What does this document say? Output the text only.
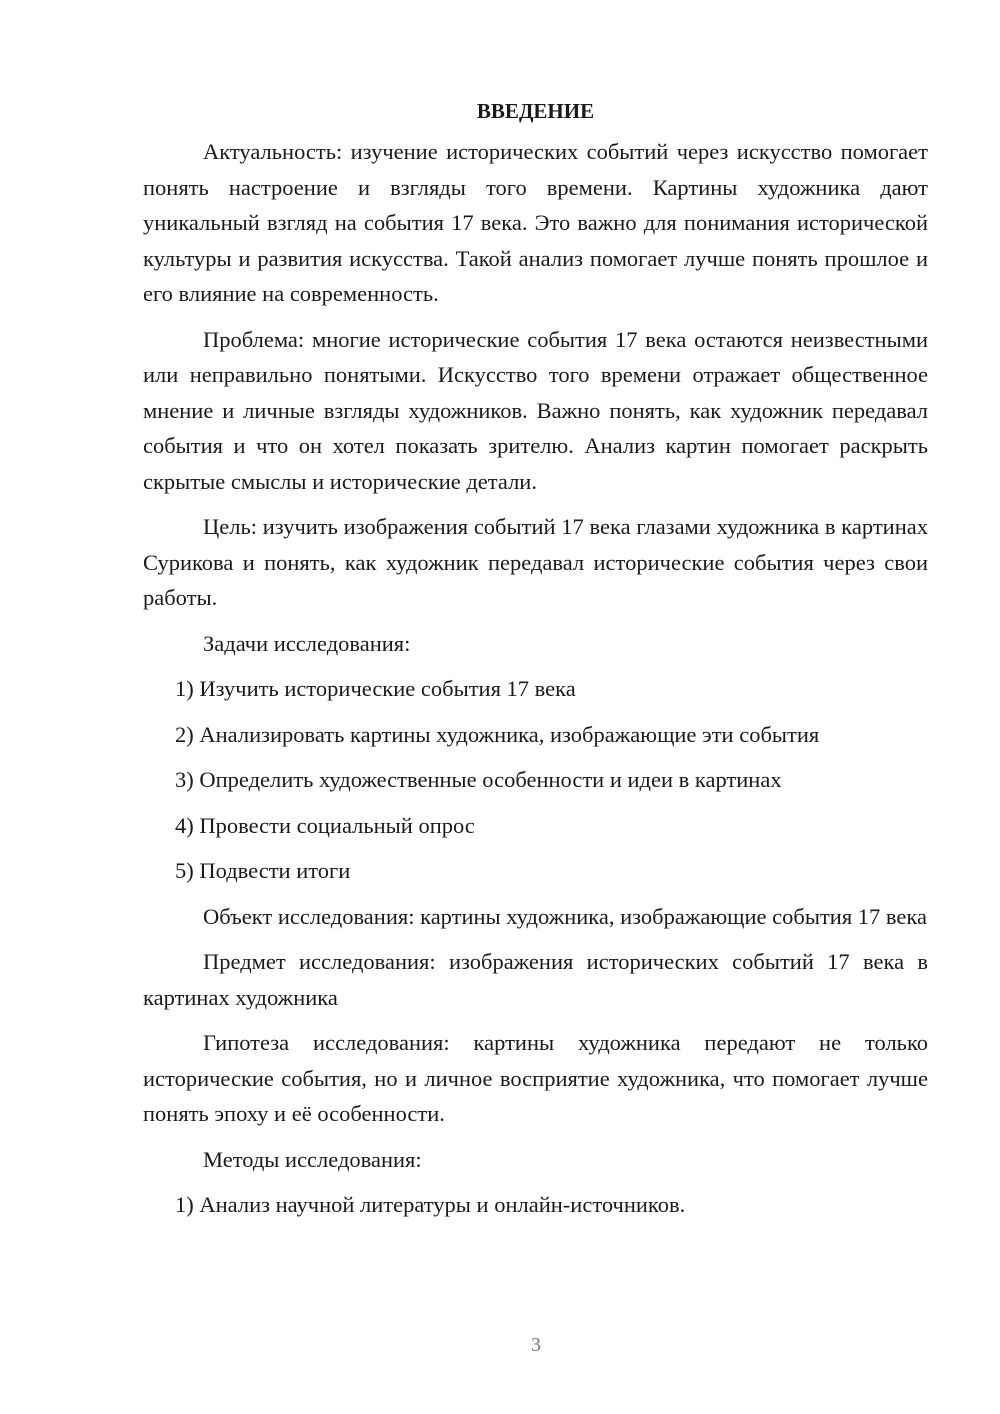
ВВЕДЕНИЕ

Актуальность: изучение исторических событий через искусство помогает понять настроение и взгляды того времени. Картины художника дают уникальный взгляд на события 17 века. Это важно для понимания исторической культуры и развития искусства. Такой анализ помогает лучше понять прошлое и его влияние на современность.

Проблема: многие исторические события 17 века остаются неизвестными или неправильно понятыми. Искусство того времени отражает общественное мнение и личные взгляды художников. Важно понять, как художник передавал события и что он хотел показать зрителю. Анализ картин помогает раскрыть скрытые смыслы и исторические детали.

Цель: изучить изображения событий 17 века глазами художника в картинах Сурикова и понять, как художник передавал исторические события через свои работы.

Задачи исследования:

1) Изучить исторические события 17 века

2) Анализировать картины художника, изображающие эти события

3) Определить художественные особенности и идеи в картинах

4) Провести социальный опрос

5) Подвести итоги

Объект исследования: картины художника, изображающие события 17 века

Предмет исследования: изображения исторических событий 17 века в картинах художника

Гипотеза исследования: картины художника передают не только исторические события, но и личное восприятие художника, что помогает лучше понять эпоху и её особенности.

Методы исследования:

1) Анализ научной литературы и онлайн-источников.

3
